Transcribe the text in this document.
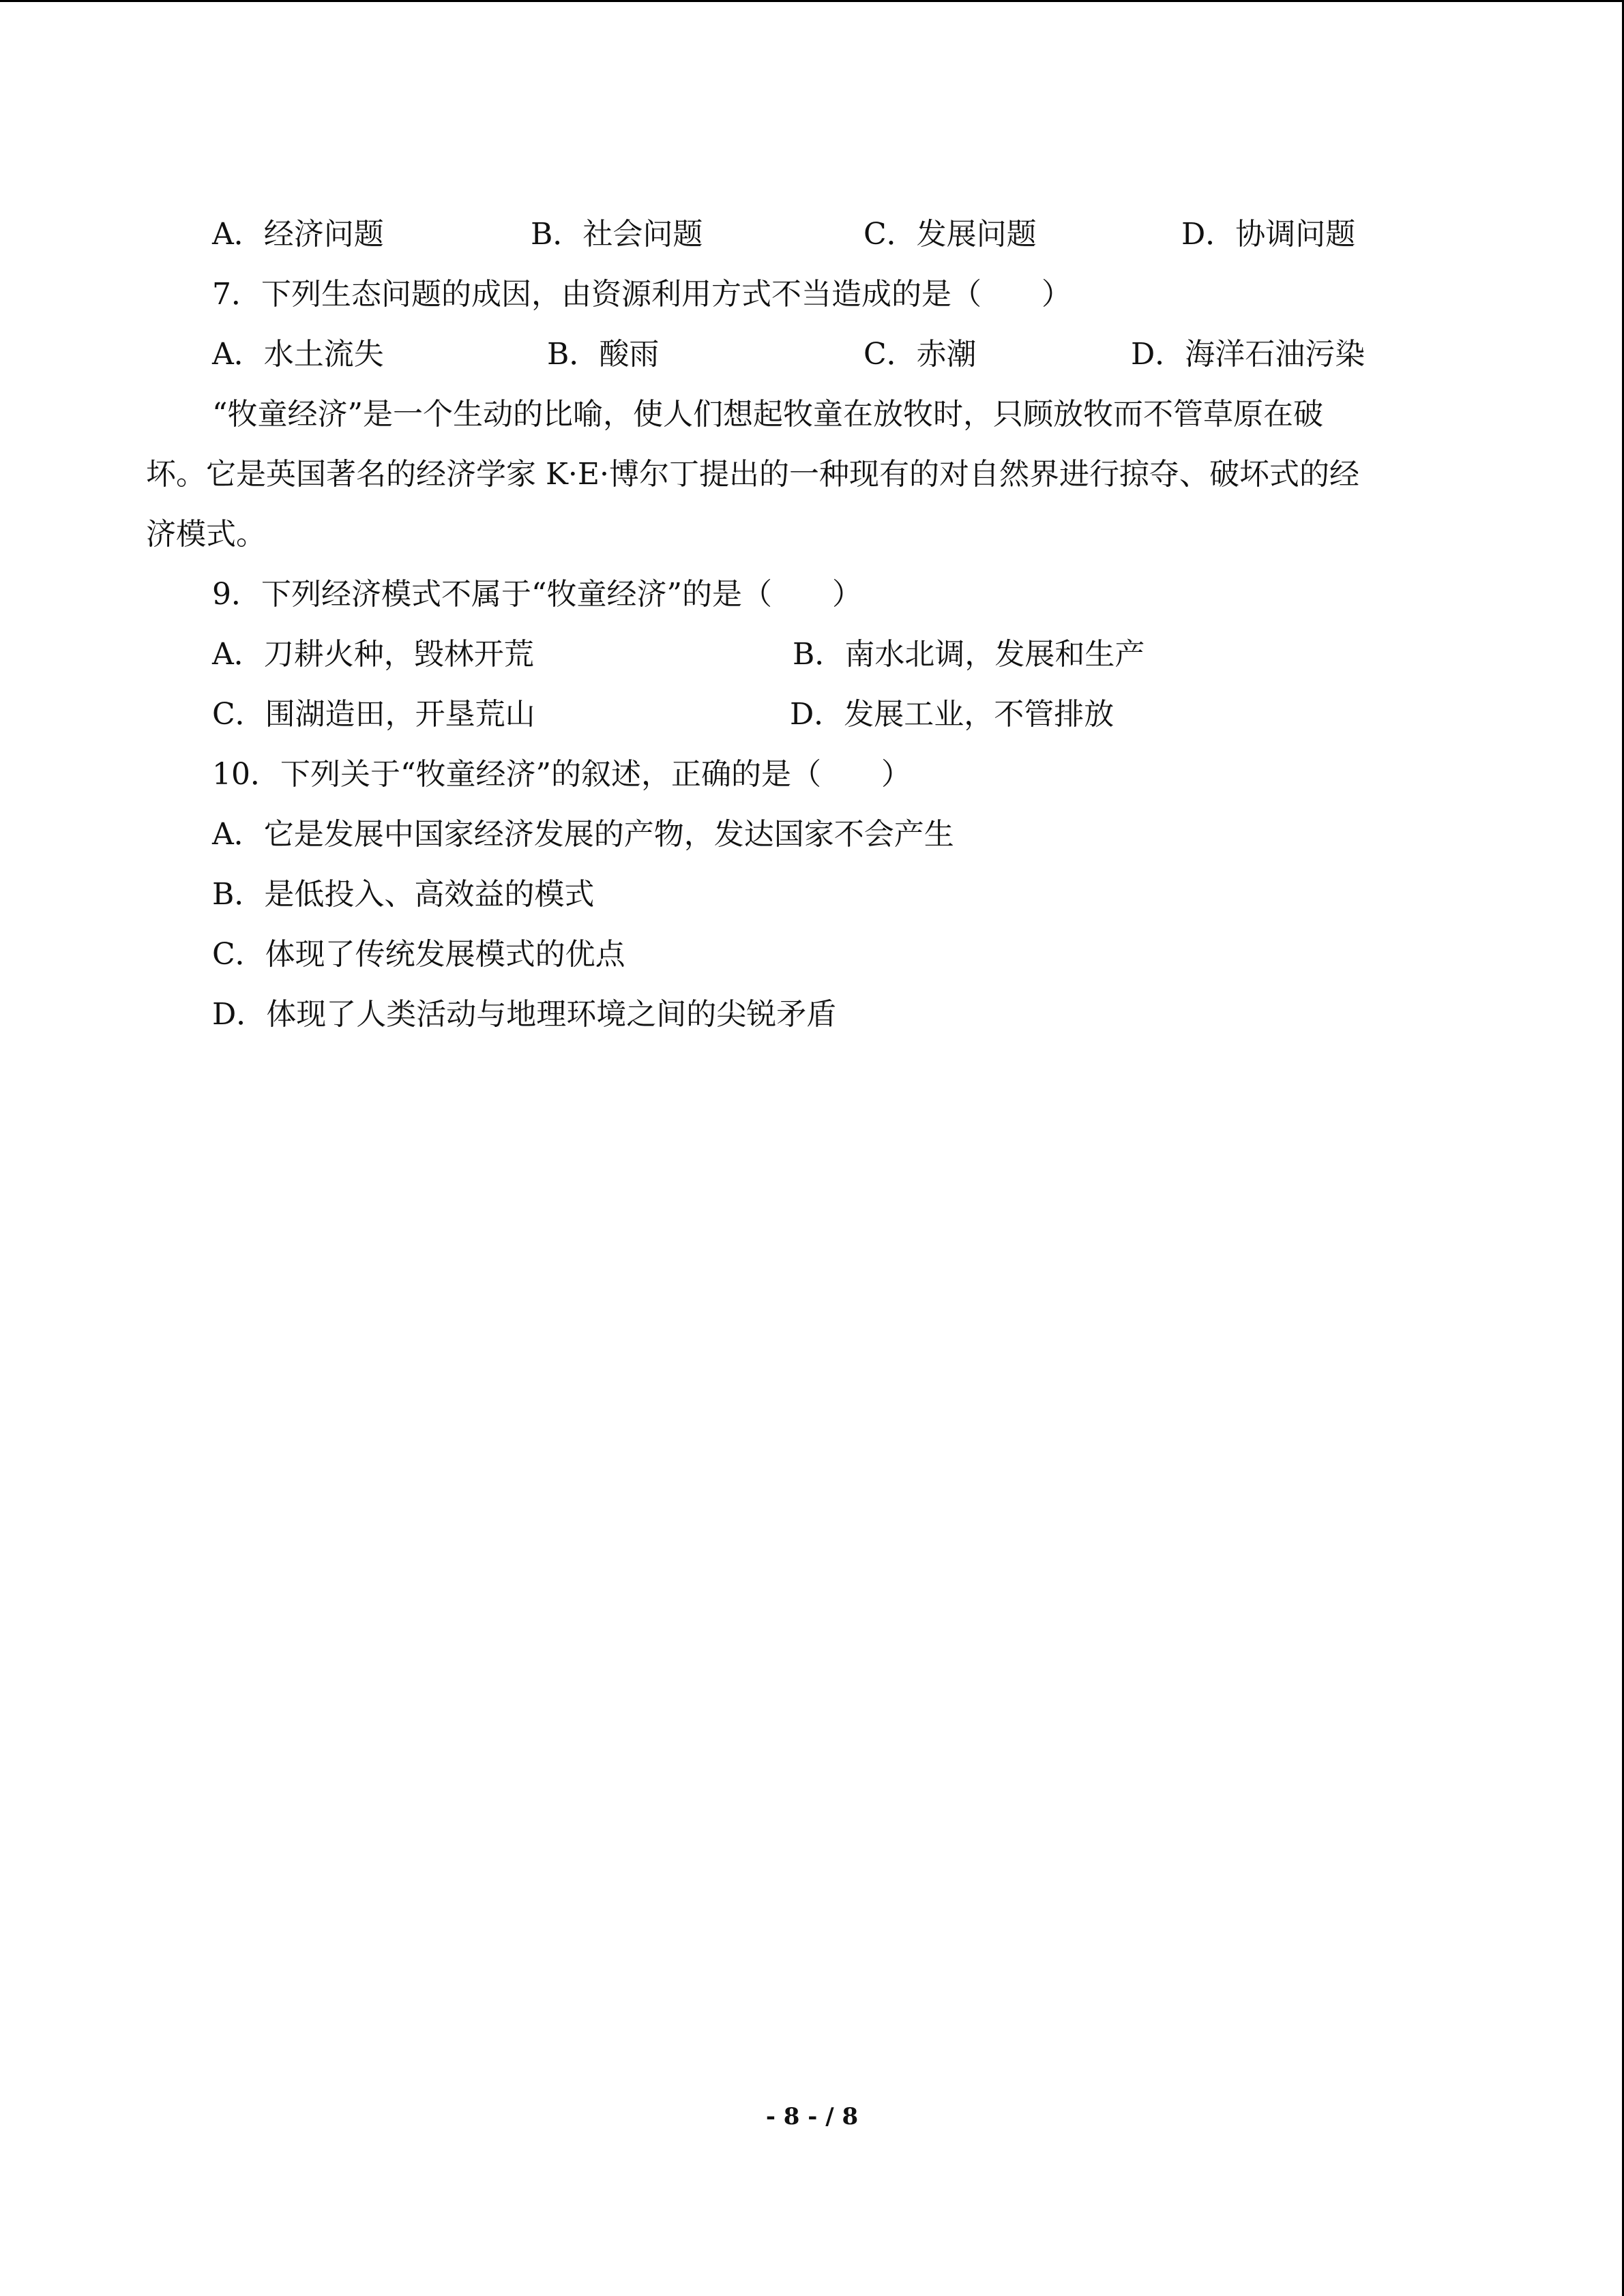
A．经济问题	B．社会问题	C．发展问题	D．协调问题
7．下列生态问题的成因，由资源利用方式不当造成的是（　　）
A．水土流失	B．酸雨	C．赤潮	D．海洋石油污染
“牧童经济”是一个生动的比喻，使人们想起牧童在放牧时，只顾放牧而不管草原在破
坏。它是英国著名的经济学家 K·E·博尔丁提出的一种现有的对自然界进行掠夺、破坏式的经
济模式。
9．下列经济模式不属于“牧童经济”的是（　　）
A．刀耕火种，毁林开荒	B．南水北调，发展和生产
C．围湖造田，开垦荒山	D．发展工业，不管排放
10．下列关于“牧童经济”的叙述，正确的是（　　）
A．它是发展中国家经济发展的产物，发达国家不会产生
B．是低投入、高效益的模式
C．体现了传统发展模式的优点
D．体现了人类活动与地理环境之间的尖锐矛盾
- 8 - / 8
